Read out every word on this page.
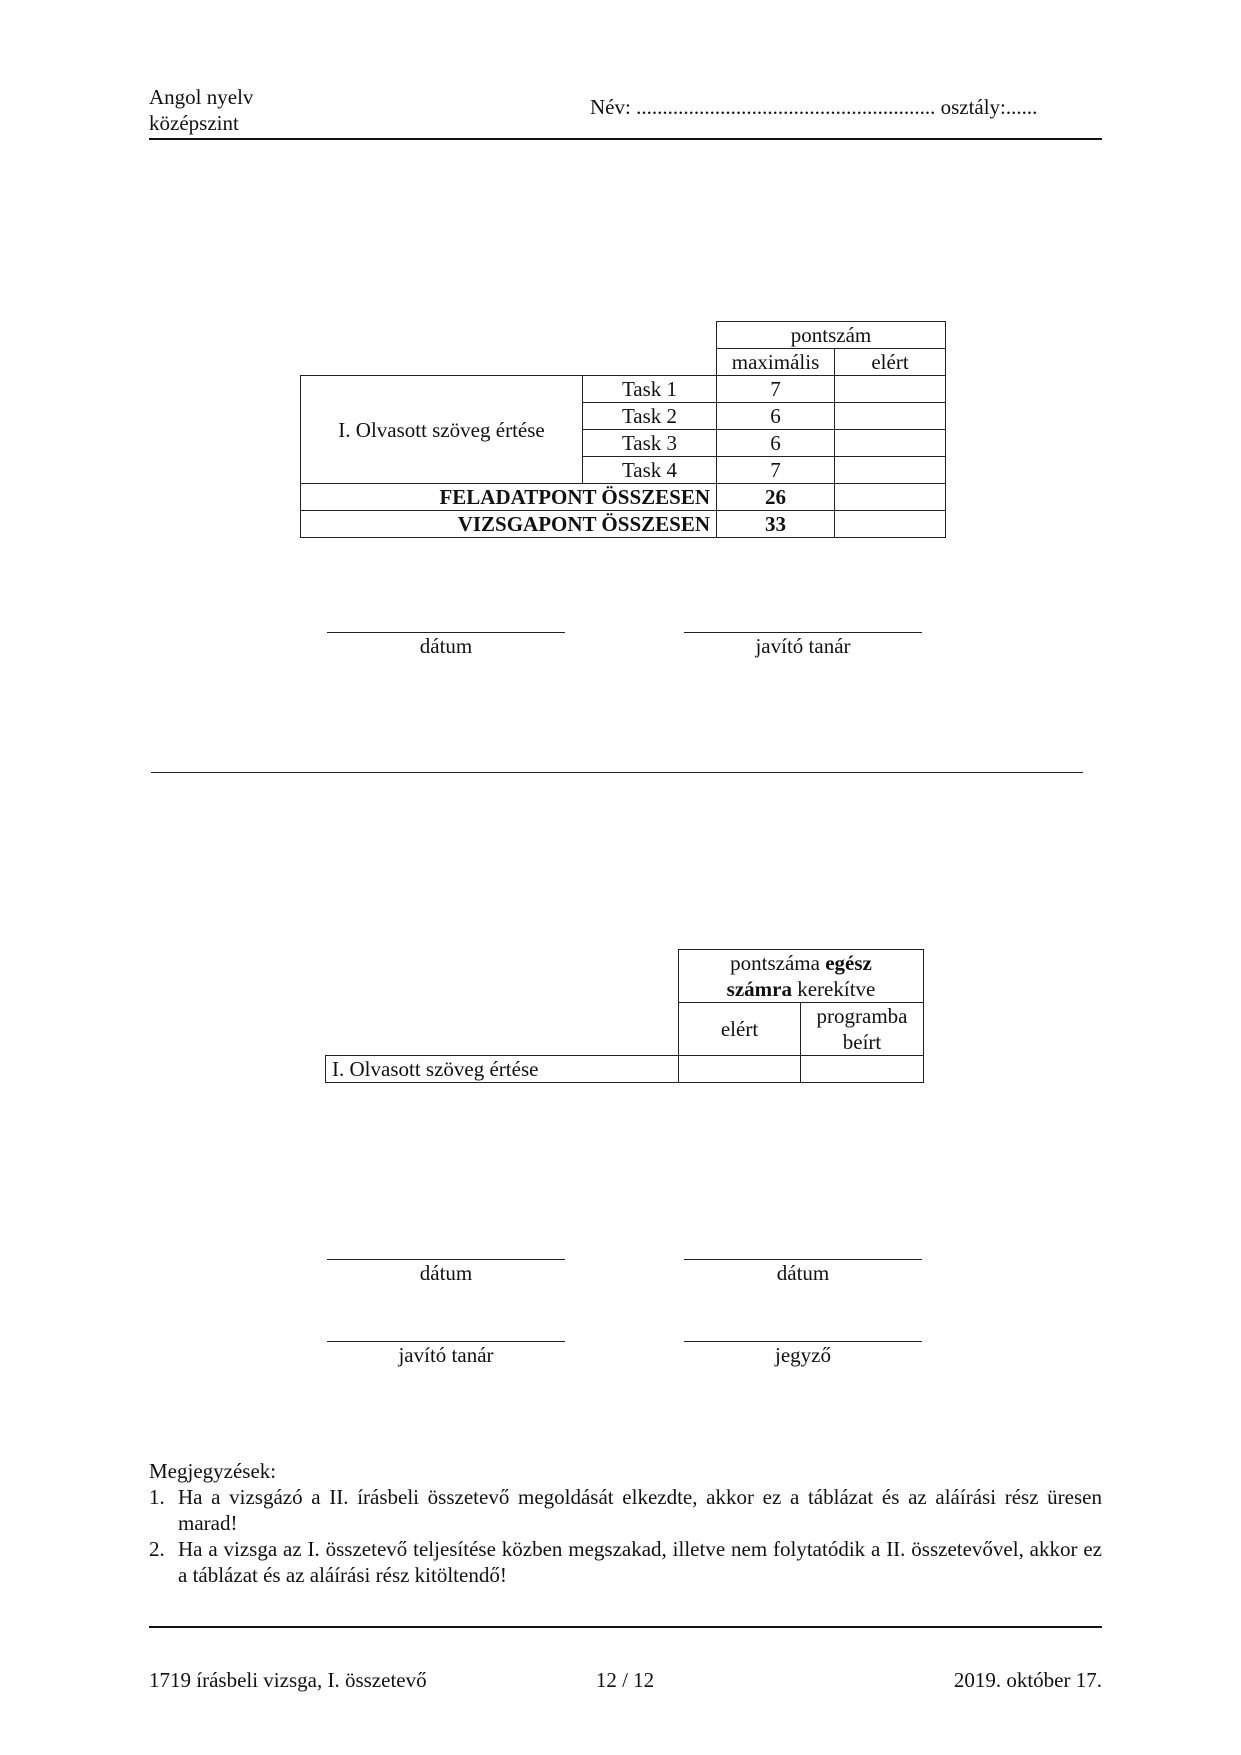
Angol nyelv
középszint
Név: ......................................................... osztály:......
		pontszám	
		maximális	elért
I. Olvasott szöveg értése	Task 1	7	
	Task 2	6	
	Task 3	6	
	Task 4	7	
FELADATPONT ÖSSZESEN		26	
VIZSGAPONT ÖSSZESEN		33	
dátum	javító tanár
	pontszáma egész
számra kerekítve	
	elért	programba
beírt
I. Olvasott szöveg értése		
dátum	dátum
javító tanár	jegyző
Megjegyzések:
1. Ha a vizsgázó a II. írásbeli összetevő megoldását elkezdte, akkor ez a táblázat és az aláírási rész üresen marad!
2. Ha a vizsga az I. összetevő teljesítése közben megszakad, illetve nem folytatódik a II. összetevővel, akkor ez a táblázat és az aláírási rész kitöltendő!
1719 írásbeli vizsga, I. összetevő	12 / 12	2019. október 17.
